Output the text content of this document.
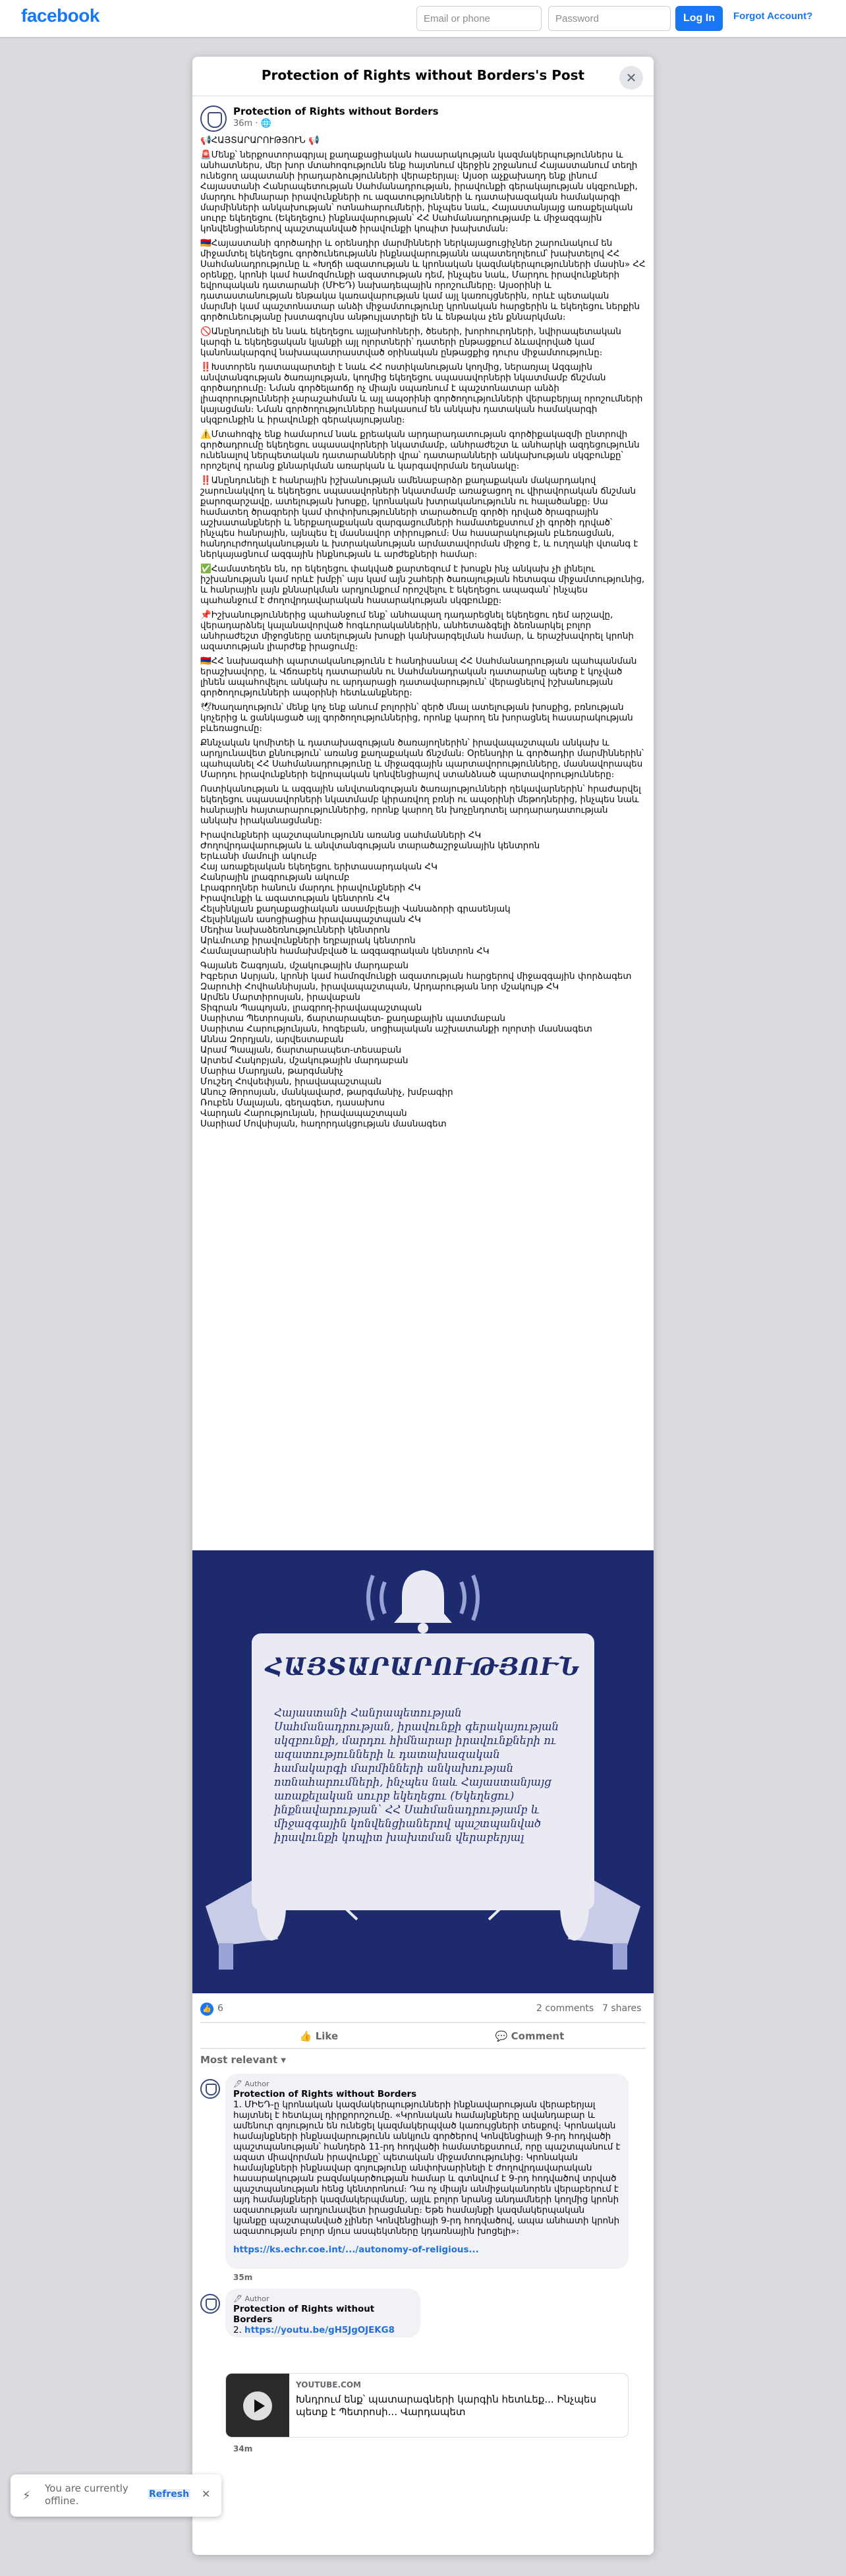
facebook
Email or phone	Log In	Forgot Account?
Protection of Rights without Borders's Post	✕
Protection of Rights without Borders
36m · 🌐

📢ՀԱՅՏԱՐԱՐՈՒԹՅՈՒՆ 📢

🚨Մենք՝ ներքոստորագրյալ քաղաքացիական հասարակության կազմակերպություններս և անհատներս, մեր խոր մտահոգությունն ենք հայտնում վերջին շրջանում Հայաստանում տեղի ունեցող ապատանի իրադարձությունների վերաբերյալ։ Այսօր աչքախաղդ ենք լինում Հայաստանի Հանրապետության Սահմանադրության, իրավունքի գերակայության սկզբունքի, մարդու հիմնարար իրավունքների ու ազատությունների և դատախազական համակարգի մարմինների անկախության՝ ոտնահարումների, ինչպես նաև, Հայաստանյայց առաքելական սուրբ եկեղեցու (Եկեղեցու) ինքնավարության՝ ՀՀ Սահմանադրությամբ և միջազգային կոնվենցիաներով պաշտպանված իրավունքի կոպիտ խախտման։

🇦🇲Հայաստանի գործադիր և օրենսդիր մարմինների ներկայացուցիչներ շարունակում են միջամտել եկեղեցու գործունեությանն ինքնավարությանն ապատեղոլեում՝ խախտելով ՀՀ Սահմանադրությունը և «Խղճի ազատության և կրոնական կազմակերպությունների մասին» ՀՀ օրենքը, կրոնի կամ համոզմունքի ազատության դեմ, ինչպես նաև, Մարդու իրավունքների եվրոպական դատարանի (ՄԻԵԴ) նախադեպային որոշումները։ Այսօրինի և դատաստանության ենթակա կառավարության կամ այլ կառույցներին, որևէ պետական մարմնի կամ պաշտոնատար անձի միջամտությունը կրոնական հարցերին և եկեղեցու ներքին գործունեությանը խստագույնս անթույլատրելի են և ենթակա չեն քննարկման։

🚫Անընդունելի են նաև եկեղեցու այլախոհների, ծեսերի, խորհուրդների, նվիրապետական կարգի և եկեղեցական կյանքի այլ ոլորտների՝ դատերի ընթացքում ձևավորված կամ կանոնակարգով նախապատրաստված օրինական ընթացքից դուրս միջամտությունը։

‼️Խստորեն դատապարտելի է նաև ՀՀ ոստիկանության կողմից, ներառյալ Ազգային անվտանգության ծառայության, կողմից եկեղեցու սպասավորների նկատմամբ ճնշման գործադրումը։ Նման գործելաոճը ոչ միայն սպառնում է պաշտոնատար անձի լիազորությունների չարաշահման և այլ ապօրինի գործողությունների վերաբերյալ որոշումների կայացման։ Նման գործողությունները հակասում են անկախ դատական համակարգի սկզբունքին և իրավունքի գերակայությանը։

⚠️Մտահոգիչ ենք համարում նաև քրեական արդարադատության գործիքակազմի ընտրովի գործադրումը եկեղեցու սպասավորների նկատմամբ, անհրաժեշտ և անհարկի ազդեցությունն ունենալով ներպետական դատարանների վրա՝ դատարանների անկախության սկզբունքը՝ որոշելով դրանց քննարկման առարկան և կարգավորման եղանակը։

‼️Անընդունելի է հանրային իշխանության ամենաբարձր քաղաքական մակարդակով շարունակվող և եկեղեցու սպասավորների նկատմամբ առաջացող ու վիրավորական ճնշման քարոզարշավը, ատելության խոսքը, կրոնական խտրականությունն ու հալածանքը։ Սա համատեղ ծրագրերի կամ փոփոխությունների տարածումը գործի դրված ծրագրային աշխատանքների և ներքաղաքական զարգացումների համատեքստում չի գործի դրված՝ ինչպես հանրային, այնպես էլ մասնավոր տիրույթում։ Սա հասարակության բևեռացման, հանդուրժողականության և խտրականության արմատավորման միջոց է, և ուղղակի վտանգ է ներկայացնում ազգային ինքնության և արժեքների համար։

✅Համատեղեն են, որ եկեղեցու փակված քարտեզում է խոսքն ինչ անկախ չի լինելու իշխանության կամ որևէ խմբի՝ այս կամ այն շահերի ծառայության հետագա միջամտությունից, և հանրային լայն քննարկման արդյունքում որոշվելու է եկեղեցու ապագան՝ ինչպես պահանջում է ժողովրդավարական հասարակության սկզբունքը։

📌Իշխանություններից պահանջում ենք՝ անհապաղ դադարեցնել եկեղեցու դեմ արշավը, վերադարձնել կալանավորված հոգևորականներին, անհետաձգելի ձեռնարկել բոլոր անհրաժեշտ միջոցները ատելության խոսքի կանխարգելման համար, և երաշխավորել կրոնի ազատության լիարժեք իրացումը։

🇦🇲ՀՀ նախագահի պարտականությունն է հանդիսանալ ՀՀ Սահմանադրության պահպանման երաշխավորը, և Վճռաբեկ դատարանն ու Սահմանադրական դատարանը պետք է կոչված լինեն ապահովելու անկախ ու արդարացի դատավարություն՝ վերացնելով իշխանության գործողությունների ապօրինի հետևանքները։

🕊Խաղաղություն՝ մենք կոչ ենք անում բոլորին՝ զերծ մնալ ատելության խոսքից, բռնության կոչերից և ցանկացած այլ գործողություններից, որոնք կարող են խորացնել հասարակության բևեռացումը։

Քննչական կոմիտեի և դատախազության ծառայողներին՝ իրավապաշտպան անկախ և արդյունավետ քննություն՝ առանց քաղաքական ճնշման։ Օրենսդիր և գործադիր մարմիններին՝ պահպանել ՀՀ Սահմանադրությունը և միջազգային պարտավորությունները, մասնավորապես Մարդու իրավունքների եվրոպական կոնվենցիայով ստանձնած պարտավորությունները։

Ոստիկանության և ազգային անվտանգության ծառայությունների ղեկավարներին՝ հրաժարվել եկեղեցու սպասավորների նկատմամբ կիրառվող բռնի ու ապօրինի մեթոդներից, ինչպես նաև հանրային հայտարարություններից, որոնք կարող են խոչընդոտել արդարադատության անկախ իրականացմանը։

Իրավունքների պաշտպանությունն առանց սահմանների ՀԿ
Ժողովրդավարության և անվտանգության տարածաշրջանային կենտրոն
Երևանի մամուլի ակումբ
Հայ առաքելական եկեղեցու երիտասարդական ՀԿ
Հանրային լրագրության ակումբ
Լրագրողներ հանուն մարդու իրավունքների ՀԿ
Իրավունքի և ազատության կենտրոն ՀԿ
Հելսինկյան քաղաքացիական ասամբլեայի Վանաձորի գրասենյակ
Հելսինկյան ասոցիացիա իրավապաշտպան ՀԿ
Մեդիա նախաձեռնությունների կենտրոն
Արևմուտք իրավունքների եղբայրակ կենտրոն
Համալսարանին համախմբված և ազգագրական կենտրոն ՀԿ

Գայանե Շագոյան, մշակութային մարդաբան
Իգբերտ Ասրյան, կրոնի կամ համոզմունքի ազատության հարցերով միջազգային փորձագետ
Զարուհի Հովհաննիսյան, իրավապաշտպան, Արդարության նոր մշակույթ ՀԿ
Արմեն Մարտիրոսյան, իրավաբան
Տիգրան Պապոյան, լրագրող-իրավապաշտպան
Սարիտա Պետրոսյան, ճարտարապետ- քաղաքային պատմաբան
Սարիտա Հարությունյան, հոգեբան, սոցիալական աշխատանքի ոլորտի մասնագետ
Աննա Զորդյան, արվեստաբան
Արամ Պապյան, ճարտարապետ-տեսաբան
Արտեմ Հակոբյան, մշակութային մարդաբան
Մարիա Մարդյան, թարգմանիչ
Մուշեղ Հովսեփյան, իրավապաշտպան
Անուշ Թորոսյան, մանկավարժ, թարգմանիչ, խմբագիր
Ռուբեն Մալայան, գեղագետ, դասախոս
Վարդան Հարությունյան, իրավապաշտպան
Սարիամ Մովսիսյան, հաղորդակցության մասնագետ

ՀԱՅՏԱՐԱՐՈՒԹՅՈՒՆ
Հայաստանի Հանրապետության Սահմանադրության, իրավունքի գերակայության սկզբունքի, մարդու հիմնարար իրավունքների ու ազատությունների և դատախազական համակարգի մարմինների անկախության ոտնահարումների, ինչպես նաև Հայաստանյայց առաքելական սուրբ եկեղեցու (Եկեղեցու) ինքնավարության՝ ՀՀ Սահմանադրությամբ և միջազգային կոնվենցիաներով պաշտպանված իրավունքի կոպիտ խախտման վերաբերյալ
👍 6	2 comments 7 shares
👍 Like	💬 Comment
Most relevant ▾
🖊 Author
Protection of Rights without Borders
1. ՄԻԵԴ-ը կրոնական կազմակերպությունների ինքնավարության վերաբերյալ հայտնել է հետևյալ դիրքորոշումը. «Կրոնական համայնքները ավանդաբար և ամենուր գոյություն են ունեցել կազմակերպված կառույցների տեսքով։ Կրոնական համայնքների ինքնավարությունն անկյուն գործերով Կոնվենցիայի 9-րդ հոդվածի պաշտպանության՝ հանդերձ 11-րդ հոդվածի համատեքստում, որը պաշտպանում է ազատ միավորման իրավունքը՝ պետական միջամտությունից։ Կրոնական համայնքների ինքնավար գոյությունը անփոխարինելի է ժողովրդավարական հասարակության բազմակարծության համար և գտնվում է 9-րդ հոդվածով տրված պաշտպանության հենց կենտրոնում։ Դա ոչ միայն անմիջականորեն վերաբերում է այդ համայնքների կազմակերպմանը, այլև բոլոր նրանց անդամների կողմից կրոնի ազատության արդյունավետ իրացմանը։ Եթե ​​համայնքի կազմակերպական կյանքը պաշտպանված չլիներ Կոնվենցիայի 9-րդ հոդվածով, ապա անհատի կրոնի ազատության բոլոր մյուս ասպեկտները կդառնային խոցելի»։
https://ks.echr.coe.int/.../autonomy-of-religious...
35m
🖊 Author
Protection of Rights without Borders
2. https://youtu.be/gH5JgOJEKG8
YOUTUBE.COM
Խնդրում ենք՝ պատարագների կարգին հետևեք... Ինչպես պետք է Պետրոսի... Վարդապետ
34m
⚡
You are currently offline.
Refresh ✕
